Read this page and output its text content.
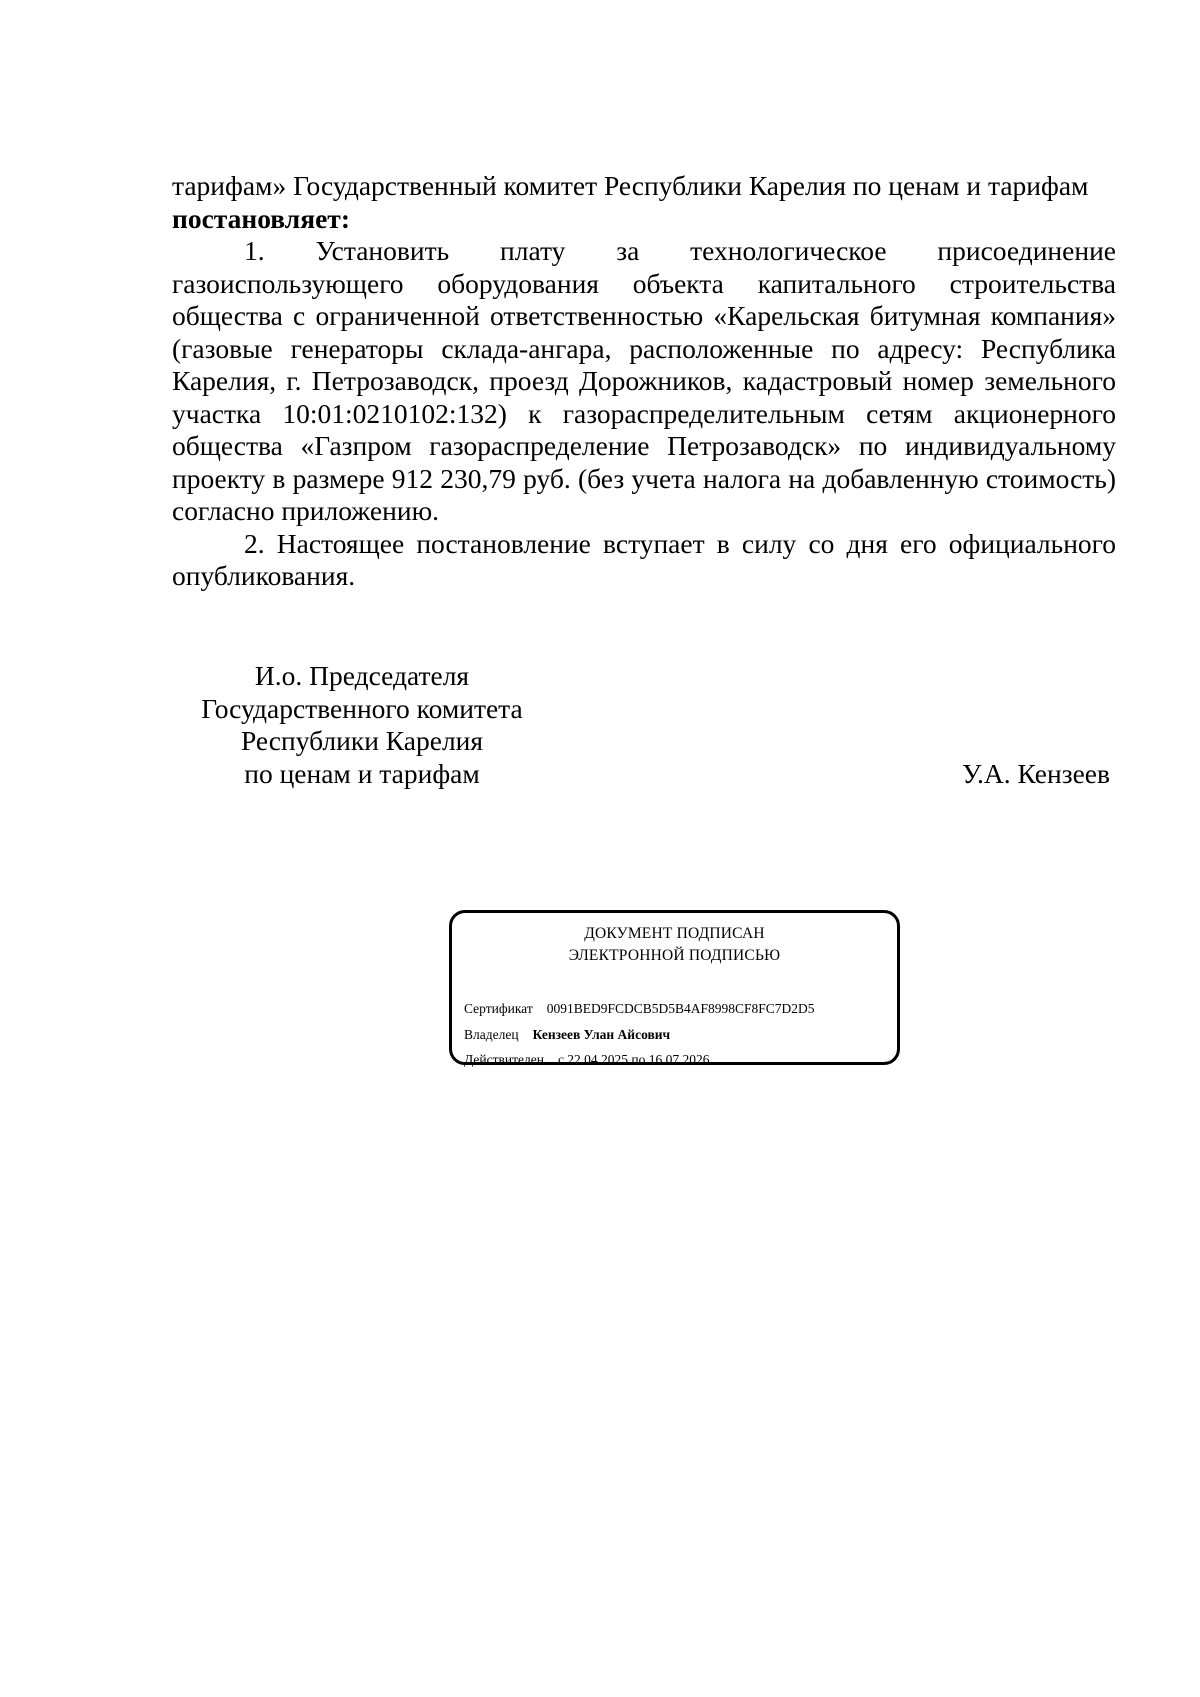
тарифам» Государственный комитет Республики Карелия по ценам и тарифам
постановляет:

1. Установить плату за технологическое присоединение газоиспользующего оборудования объекта капитального строительства общества с ограниченной ответственностью «Карельская битумная компания» (газовые генераторы склада-ангара, расположенные по адресу: Республика Карелия, г. Петрозаводск, проезд Дорожников, кадастровый номер земельного участка 10:01:0210102:132) к газораспределительным сетям акционерного общества «Газпром газораспределение Петрозаводск» по индивидуальному проекту в размере 912 230,79 руб. (без учета налога на добавленную стоимость) согласно приложению.

2. Настоящее постановление вступает в силу со дня его официального опубликования.

И.о. Председателя
Государственного комитета
Республики Карелия
по ценам и тарифам	У.А. Кензеев
ДОКУМЕНТ ПОДПИСАН
ЭЛЕКТРОННОЙ ПОДПИСЬЮ
Сертификат 0091BED9FCDCB5D5B4AF8998CF8FC7D2D5
Владелец Кензеев Улан Айсович
Действителен с 22.04.2025 по 16.07.2026
